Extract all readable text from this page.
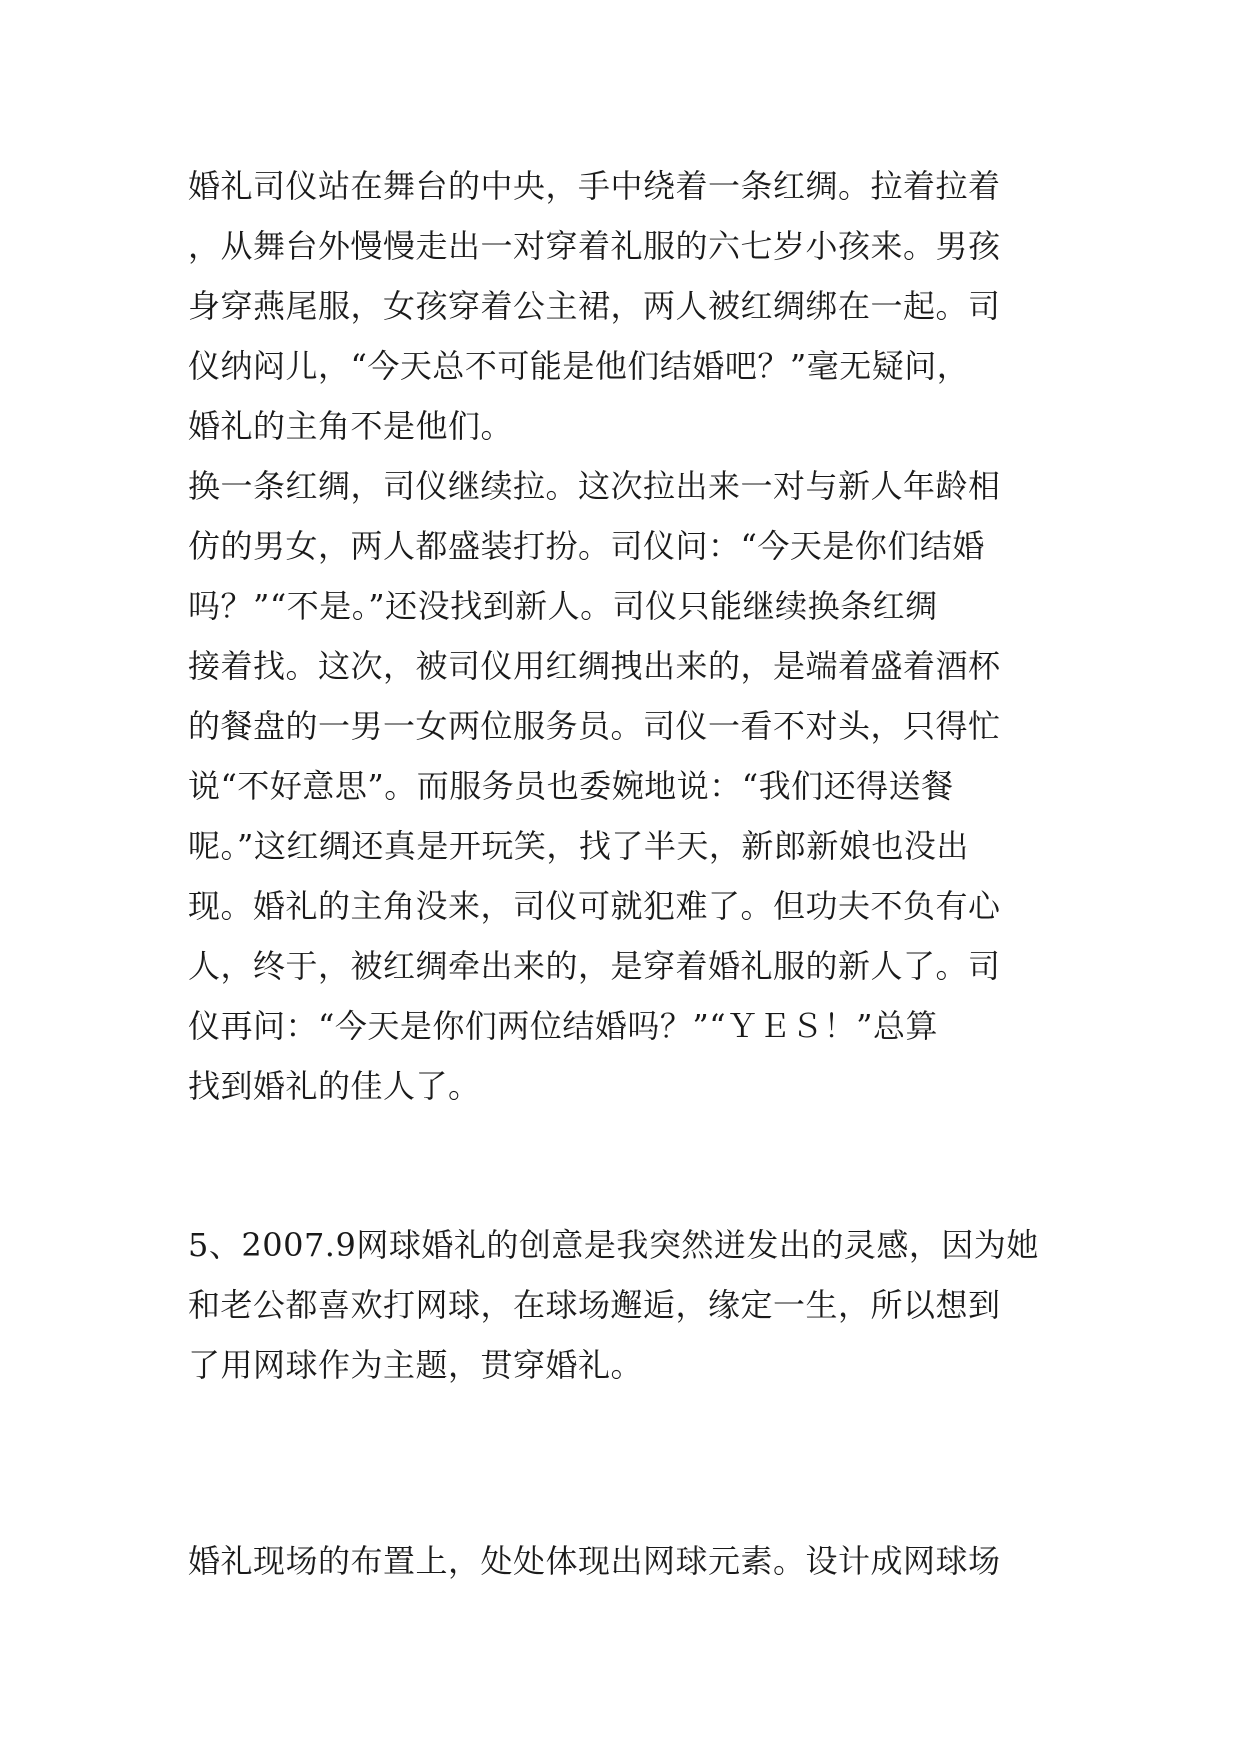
婚礼司仪站在舞台的中央，手中绕着一条红绸。拉着拉着
，从舞台外慢慢走出一对穿着礼服的六七岁小孩来。男孩
身穿燕尾服，女孩穿着公主裙，两人被红绸绑在一起。司
仪纳闷儿，“今天总不可能是他们结婚吧？”毫无疑问，
婚礼的主角不是他们。
换一条红绸，司仪继续拉。这次拉出来一对与新人年龄相
仿的男女，两人都盛装打扮。司仪问：“今天是你们结婚
吗？”“不是。”还没找到新人。司仪只能继续换条红绸
接着找。这次，被司仪用红绸拽出来的，是端着盛着酒杯
的餐盘的一男一女两位服务员。司仪一看不对头，只得忙
说“不好意思”。而服务员也委婉地说：“我们还得送餐
呢。”这红绸还真是开玩笑，找了半天，新郎新娘也没出
现。婚礼的主角没来，司仪可就犯难了。但功夫不负有心
人，终于，被红绸牵出来的，是穿着婚礼服的新人了。司
仪再问：“今天是你们两位结婚吗？”“ＹＥＳ！”总算
找到婚礼的佳人了。
5、2007.9网球婚礼的创意是我突然迸发出的灵感，因为她
和老公都喜欢打网球，在球场邂逅，缘定一生，所以想到
了用网球作为主题，贯穿婚礼。
婚礼现场的布置上，处处体现出网球元素。设计成网球场
